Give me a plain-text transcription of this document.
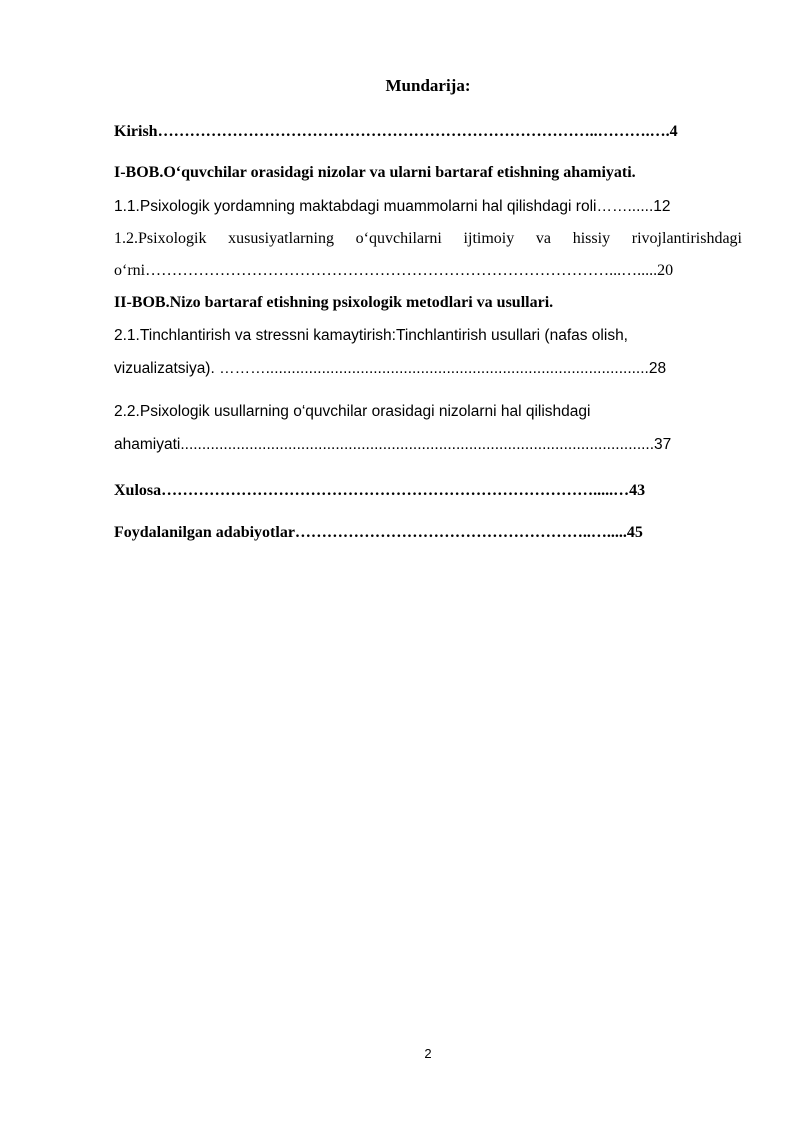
Mundarija:
Kirish………………………………………………………………………..……….….4
I-BOB.O‘quvchilar orasidagi nizolar va ularni bartaraf etishning ahamiyati.
1.1.Psixologik yordamning maktabdagi muammolarni hal qilishdagi roli……......12
1.2.Psixologik xususiyatlarning o‘quvchilarni ijtimoiy va hissiy rivojlantirishdagi
o‘rni……………………………………………………………………………...….....20
II-BOB.Nizo bartaraf etishning psixologik metodlari va usullari.
2.1.Tinchlantirish va stressni kamaytirish:Tinchlantirish usullari (nafas olish,
vizualizatsiya). ……….........................................................................................28
2.2.Psixologik usullarning o‘quvchilar orasidagi nizolarni hal qilishdagi
ahamiyati..............................................................................................................37
Xulosa……………………………………………………………………….....…43
Foydalanilgan adabiyotlar………………………………………………..….....45
2
